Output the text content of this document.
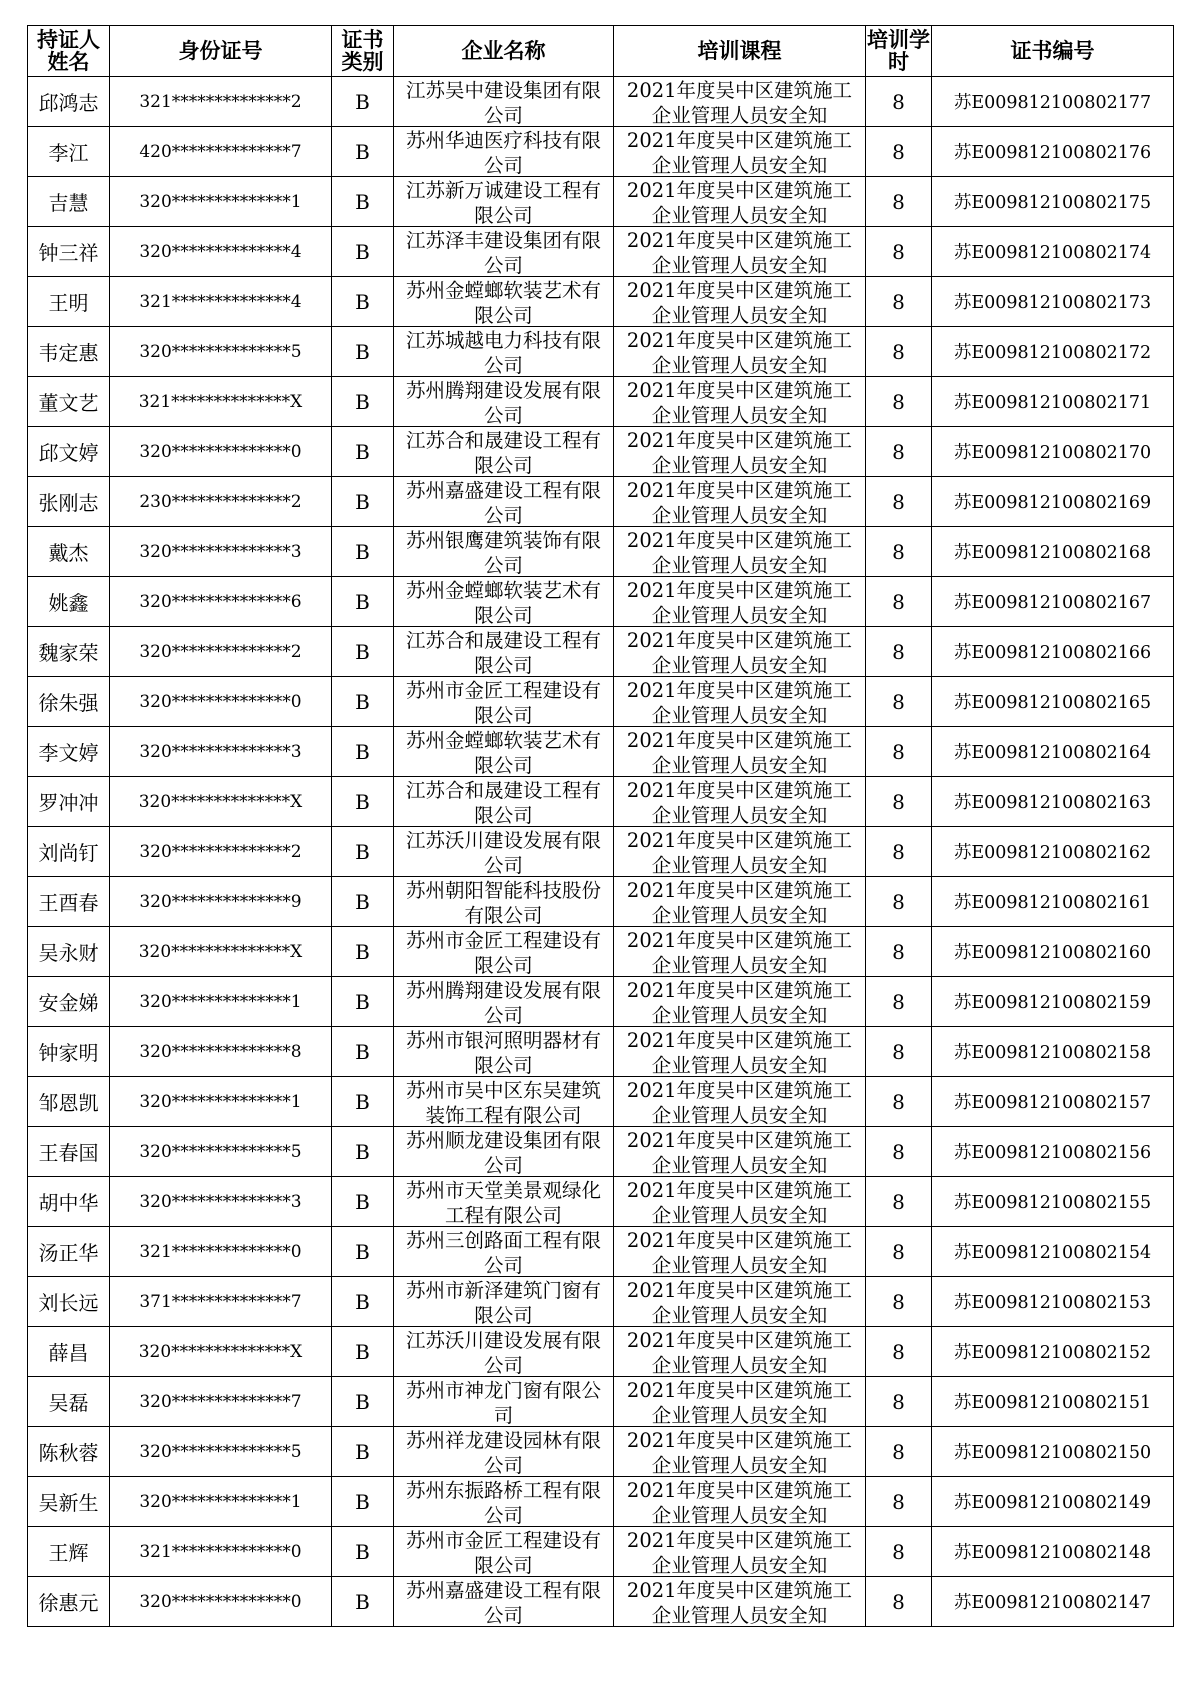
持证人姓名	身份证号	证书类别	企业名称	培训课程	培训学时	证书编号
邱鸿志	321**************2	B	江苏吴中建设集团有限公司	2021年度吴中区建筑施工企业管理人员安全知	8	苏E009812100802177
李江	420**************7	B	苏州华迪医疗科技有限公司	2021年度吴中区建筑施工企业管理人员安全知	8	苏E009812100802176
吉慧	320**************1	B	江苏新万诚建设工程有限公司	2021年度吴中区建筑施工企业管理人员安全知	8	苏E009812100802175
钟三祥	320**************4	B	江苏泽丰建设集团有限公司	2021年度吴中区建筑施工企业管理人员安全知	8	苏E009812100802174
王明	321**************4	B	苏州金螳螂软装艺术有限公司	2021年度吴中区建筑施工企业管理人员安全知	8	苏E009812100802173
韦定惠	320**************5	B	江苏城越电力科技有限公司	2021年度吴中区建筑施工企业管理人员安全知	8	苏E009812100802172
董文艺	321**************X	B	苏州腾翔建设发展有限公司	2021年度吴中区建筑施工企业管理人员安全知	8	苏E009812100802171
邱文婷	320**************0	B	江苏合和晟建设工程有限公司	2021年度吴中区建筑施工企业管理人员安全知	8	苏E009812100802170
张刚志	230**************2	B	苏州嘉盛建设工程有限公司	2021年度吴中区建筑施工企业管理人员安全知	8	苏E009812100802169
戴杰	320**************3	B	苏州银鹰建筑装饰有限公司	2021年度吴中区建筑施工企业管理人员安全知	8	苏E009812100802168
姚鑫	320**************6	B	苏州金螳螂软装艺术有限公司	2021年度吴中区建筑施工企业管理人员安全知	8	苏E009812100802167
魏家荣	320**************2	B	江苏合和晟建设工程有限公司	2021年度吴中区建筑施工企业管理人员安全知	8	苏E009812100802166
徐朱强	320**************0	B	苏州市金匠工程建设有限公司	2021年度吴中区建筑施工企业管理人员安全知	8	苏E009812100802165
李文婷	320**************3	B	苏州金螳螂软装艺术有限公司	2021年度吴中区建筑施工企业管理人员安全知	8	苏E009812100802164
罗冲冲	320**************X	B	江苏合和晟建设工程有限公司	2021年度吴中区建筑施工企业管理人员安全知	8	苏E009812100802163
刘尚钉	320**************2	B	江苏沃川建设发展有限公司	2021年度吴中区建筑施工企业管理人员安全知	8	苏E009812100802162
王酉春	320**************9	B	苏州朝阳智能科技股份有限公司	2021年度吴中区建筑施工企业管理人员安全知	8	苏E009812100802161
吴永财	320**************X	B	苏州市金匠工程建设有限公司	2021年度吴中区建筑施工企业管理人员安全知	8	苏E009812100802160
安金娣	320**************1	B	苏州腾翔建设发展有限公司	2021年度吴中区建筑施工企业管理人员安全知	8	苏E009812100802159
钟家明	320**************8	B	苏州市银河照明器材有限公司	2021年度吴中区建筑施工企业管理人员安全知	8	苏E009812100802158
邹恩凯	320**************1	B	苏州市吴中区东吴建筑装饰工程有限公司	2021年度吴中区建筑施工企业管理人员安全知	8	苏E009812100802157
王春国	320**************5	B	苏州顺龙建设集团有限公司	2021年度吴中区建筑施工企业管理人员安全知	8	苏E009812100802156
胡中华	320**************3	B	苏州市天堂美景观绿化工程有限公司	2021年度吴中区建筑施工企业管理人员安全知	8	苏E009812100802155
汤正华	321**************0	B	苏州三创路面工程有限公司	2021年度吴中区建筑施工企业管理人员安全知	8	苏E009812100802154
刘长远	371**************7	B	苏州市新泽建筑门窗有限公司	2021年度吴中区建筑施工企业管理人员安全知	8	苏E009812100802153
薛昌	320**************X	B	江苏沃川建设发展有限公司	2021年度吴中区建筑施工企业管理人员安全知	8	苏E009812100802152
吴磊	320**************7	B	苏州市神龙门窗有限公司	2021年度吴中区建筑施工企业管理人员安全知	8	苏E009812100802151
陈秋蓉	320**************5	B	苏州祥龙建设园林有限公司	2021年度吴中区建筑施工企业管理人员安全知	8	苏E009812100802150
吴新生	320**************1	B	苏州东振路桥工程有限公司	2021年度吴中区建筑施工企业管理人员安全知	8	苏E009812100802149
王辉	321**************0	B	苏州市金匠工程建设有限公司	2021年度吴中区建筑施工企业管理人员安全知	8	苏E009812100802148
徐惠元	320**************0	B	苏州嘉盛建设工程有限公司	2021年度吴中区建筑施工企业管理人员安全知	8	苏E009812100802147
